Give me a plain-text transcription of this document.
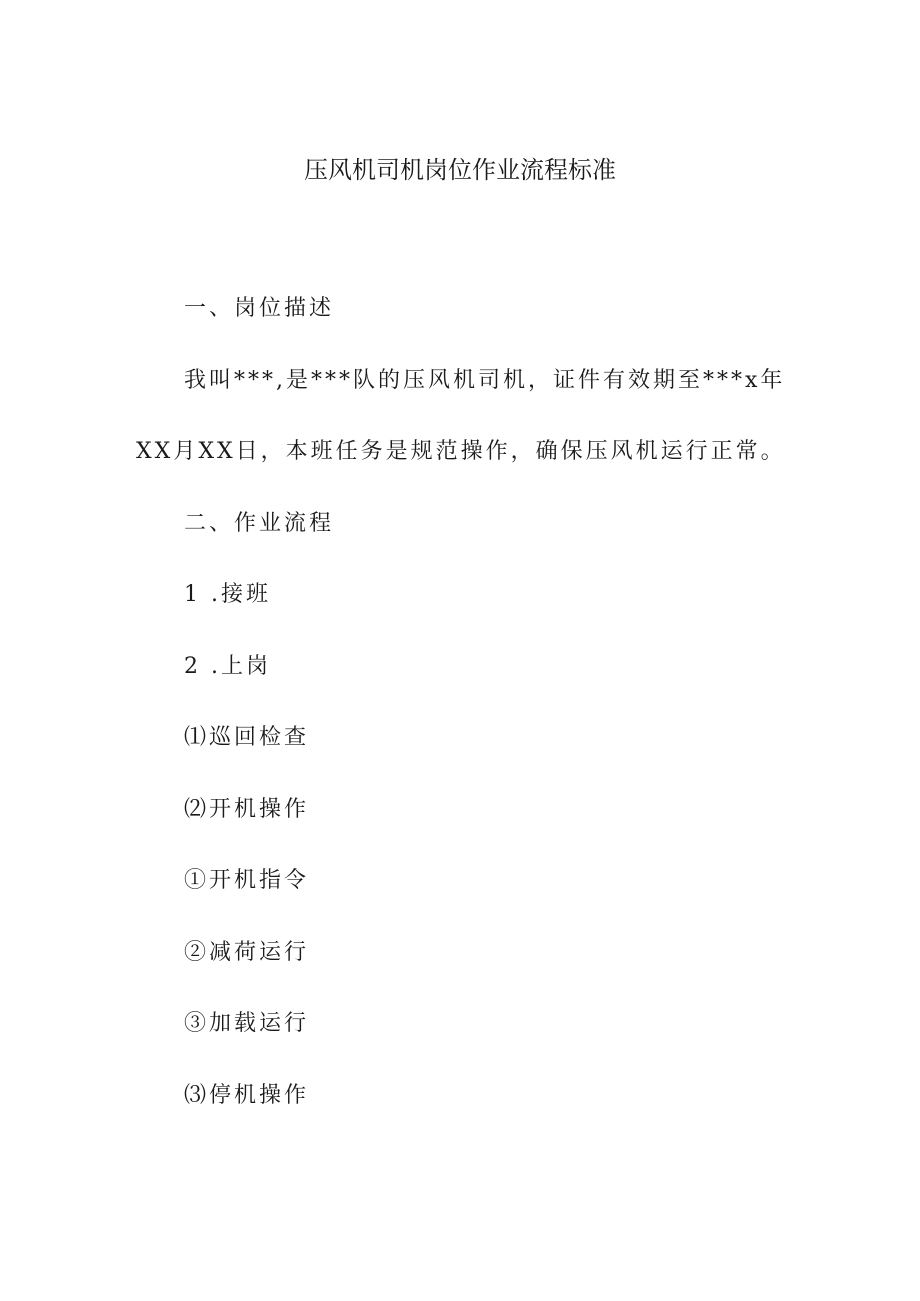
压风机司机岗位作业流程标准
一、岗位描述
我叫***,是***队的压风机司机，证件有效期至***x年
XX月XX日，本班任务是规范操作，确保压风机运行正常。
二、作业流程
1 .接班
2 .上岗
⑴巡回检查
⑵开机操作
①开机指令
②减荷运行
③加载运行
⑶停机操作
